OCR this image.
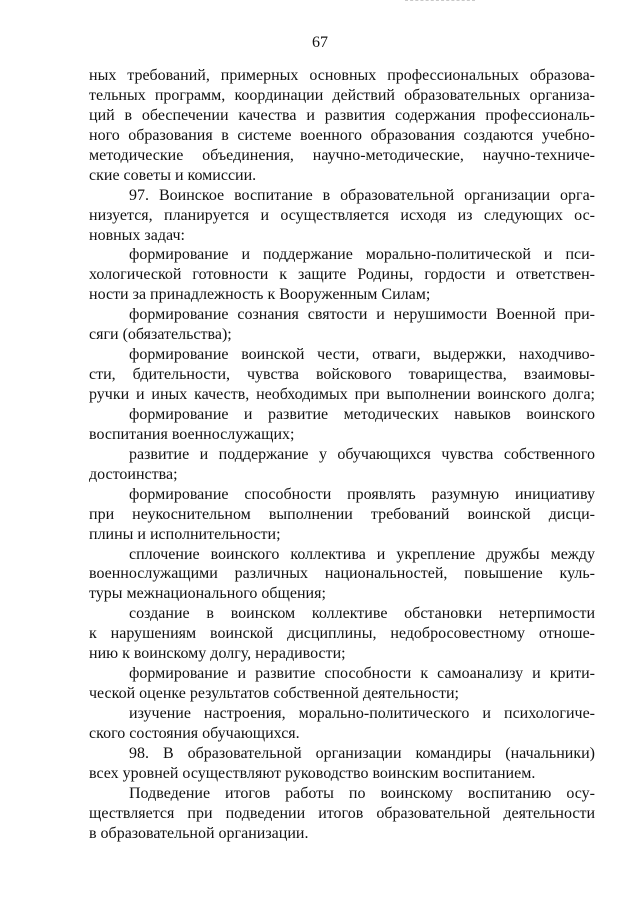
67
ных требований, примерных основных профессиональных образова-
тельных программ, координации действий образовательных организа-
ций в обеспечении качества и развития содержания профессиональ-
ного образования в системе военного образования создаются учебно-
методические объединения, научно-методические, научно-техниче-
ские советы и комиссии.
97. Воинское воспитание в образовательной организации орга-
низуется, планируется и осуществляется исходя из следующих ос-
новных задач:
формирование и поддержание морально-политической и пси-
хологической готовности к защите Родины, гордости и ответствен-
ности за принадлежность к Вооруженным Силам;
формирование сознания святости и нерушимости Военной при-
сяги (обязательства);
формирование воинской чести, отваги, выдержки, находчиво-
сти, бдительности, чувства войскового товарищества, взаимовы-
ручки и иных качеств, необходимых при выполнении воинского долга;
формирование и развитие методических навыков воинского
воспитания военнослужащих;
развитие и поддержание у обучающихся чувства собственного
достоинства;
формирование способности проявлять разумную инициативу
при неукоснительном выполнении требований воинской дисци-
плины и исполнительности;
сплочение воинского коллектива и укрепление дружбы между
военнослужащими различных национальностей, повышение куль-
туры межнационального общения;
создание в воинском коллективе обстановки нетерпимости
к нарушениям воинской дисциплины, недобросовестному отноше-
нию к воинскому долгу, нерадивости;
формирование и развитие способности к самоанализу и крити-
ческой оценке результатов собственной деятельности;
изучение настроения, морально-политического и психологиче-
ского состояния обучающихся.
98. В образовательной организации командиры (начальники)
всех уровней осуществляют руководство воинским воспитанием.
Подведение итогов работы по воинскому воспитанию осу-
ществляется при подведении итогов образовательной деятельности
в образовательной организации.
